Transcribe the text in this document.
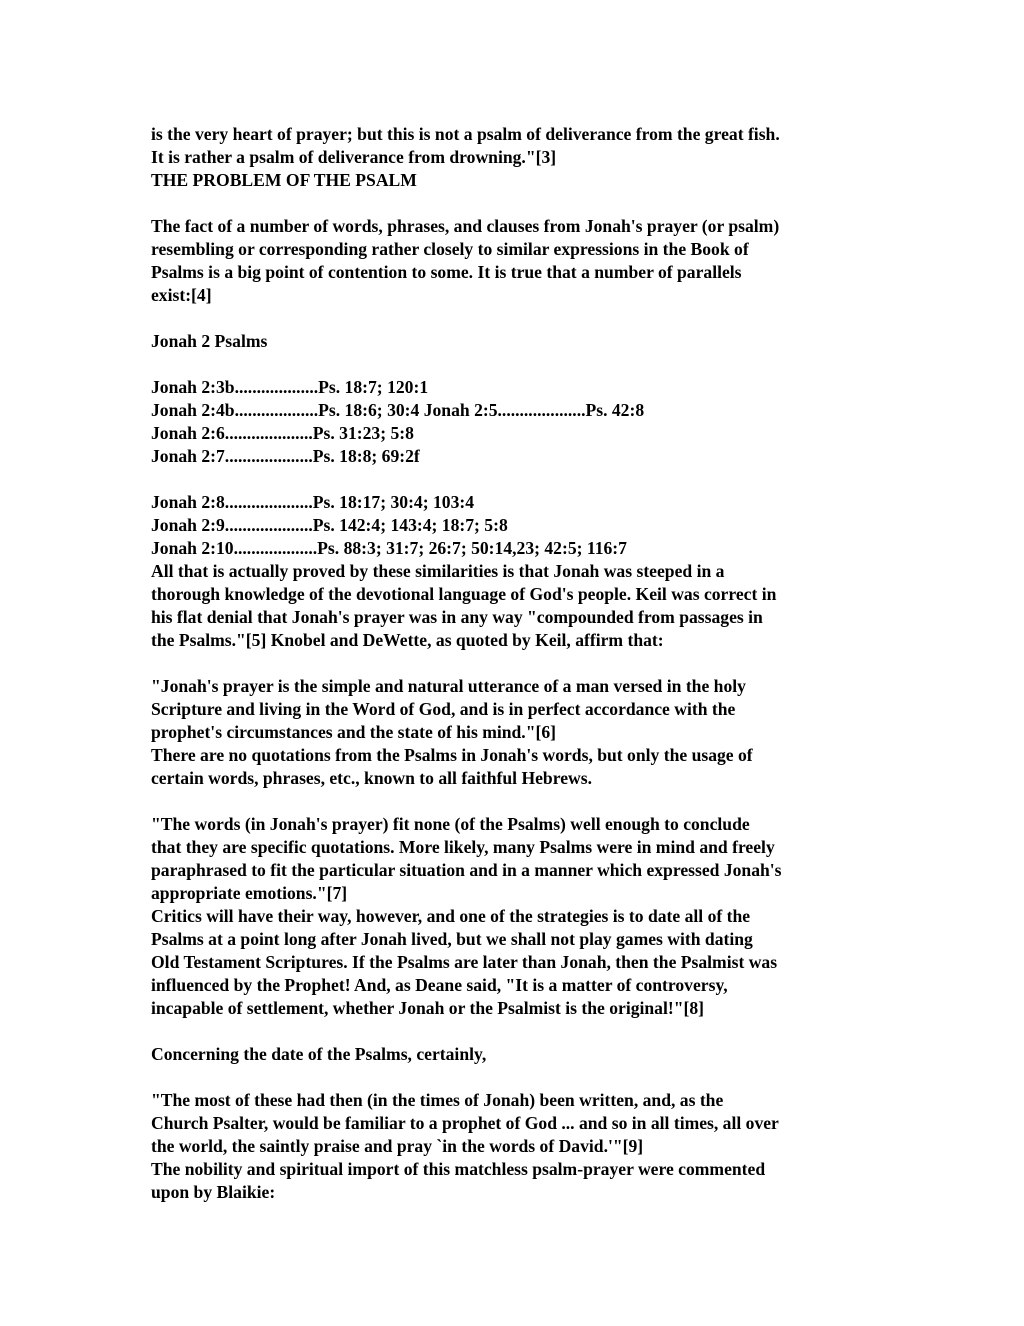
is the very heart of prayer; but this is not a psalm of deliverance from the great fish.
It is rather a psalm of deliverance from drowning."[3]
THE PROBLEM OF THE PSALM
The fact of a number of words, phrases, and clauses from Jonah's prayer (or psalm)
resembling or corresponding rather closely to similar expressions in the Book of
Psalms is a big point of contention to some. It is true that a number of parallels
exist:[4]
Jonah 2 Psalms
Jonah 2:3b...................Ps. 18:7; 120:1
Jonah 2:4b...................Ps. 18:6; 30:4 Jonah 2:5....................Ps. 42:8
Jonah 2:6....................Ps. 31:23; 5:8
Jonah 2:7....................Ps. 18:8; 69:2f
Jonah 2:8....................Ps. 18:17; 30:4; 103:4
Jonah 2:9....................Ps. 142:4; 143:4; 18:7; 5:8
Jonah 2:10...................Ps. 88:3; 31:7; 26:7; 50:14,23; 42:5; 116:7
All that is actually proved by these similarities is that Jonah was steeped in a
thorough knowledge of the devotional language of God's people. Keil was correct in
his flat denial that Jonah's prayer was in any way "compounded from passages in
the Psalms."[5] Knobel and DeWette, as quoted by Keil, affirm that:
"Jonah's prayer is the simple and natural utterance of a man versed in the holy
Scripture and living in the Word of God, and is in perfect accordance with the
prophet's circumstances and the state of his mind."[6]
There are no quotations from the Psalms in Jonah's words, but only the usage of
certain words, phrases, etc., known to all faithful Hebrews.
"The words (in Jonah's prayer) fit none (of the Psalms) well enough to conclude
that they are specific quotations. More likely, many Psalms were in mind and freely
paraphrased to fit the particular situation and in a manner which expressed Jonah's
appropriate emotions."[7]
Critics will have their way, however, and one of the strategies is to date all of the
Psalms at a point long after Jonah lived, but we shall not play games with dating
Old Testament Scriptures. If the Psalms are later than Jonah, then the Psalmist was
influenced by the Prophet! And, as Deane said, "It is a matter of controversy,
incapable of settlement, whether Jonah or the Psalmist is the original!"[8]
Concerning the date of the Psalms, certainly,
"The most of these had then (in the times of Jonah) been written, and, as the
Church Psalter, would be familiar to a prophet of God ... and so in all times, all over
the world, the saintly praise and pray `in the words of David.'"[9]
The nobility and spiritual import of this matchless psalm-prayer were commented
upon by Blaikie:
